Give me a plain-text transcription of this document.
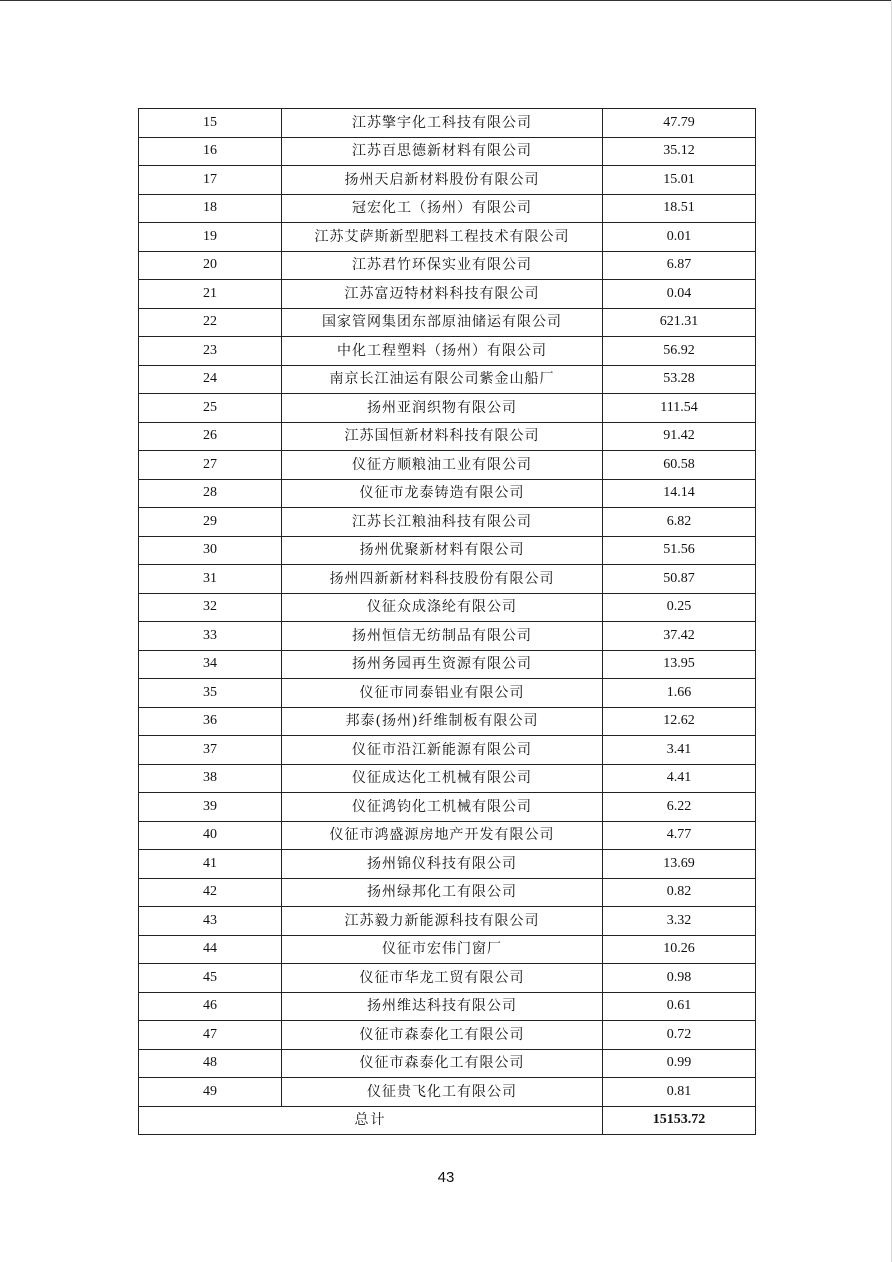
15	江苏擎宇化工科技有限公司	47.79
16	江苏百思德新材料有限公司	35.12
17	扬州天启新材料股份有限公司	15.01
18	冠宏化工（扬州）有限公司	18.51
19	江苏艾萨斯新型肥料工程技术有限公司	0.01
20	江苏君竹环保实业有限公司	6.87
21	江苏富迈特材料科技有限公司	0.04
22	国家管网集团东部原油储运有限公司	621.31
23	中化工程塑料（扬州）有限公司	56.92
24	南京长江油运有限公司紫金山船厂	53.28
25	扬州亚润织物有限公司	111.54
26	江苏国恒新材料科技有限公司	91.42
27	仪征方顺粮油工业有限公司	60.58
28	仪征市龙泰铸造有限公司	14.14
29	江苏长江粮油科技有限公司	6.82
30	扬州优聚新材料有限公司	51.56
31	扬州四新新材料科技股份有限公司	50.87
32	仪征众成涤纶有限公司	0.25
33	扬州恒信无纺制品有限公司	37.42
34	扬州务园再生资源有限公司	13.95
35	仪征市同泰铝业有限公司	1.66
36	邦泰(扬州)纤维制板有限公司	12.62
37	仪征市沿江新能源有限公司	3.41
38	仪征成达化工机械有限公司	4.41
39	仪征鸿钧化工机械有限公司	6.22
40	仪征市鸿盛源房地产开发有限公司	4.77
41	扬州锦仪科技有限公司	13.69
42	扬州绿邦化工有限公司	0.82
43	江苏毅力新能源科技有限公司	3.32
44	仪征市宏伟门窗厂	10.26
45	仪征市华龙工贸有限公司	0.98
46	扬州维达科技有限公司	0.61
47	仪征市森泰化工有限公司	0.72
48	仪征市森泰化工有限公司	0.99
49	仪征贵飞化工有限公司	0.81
总计		15153.72
43
